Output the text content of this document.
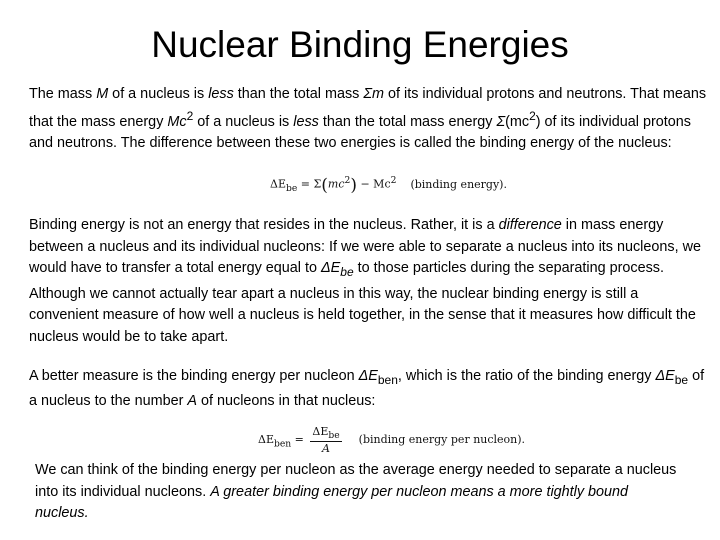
Nuclear Binding Energies
The mass M of a nucleus is less than the total mass Σm of its individual protons and neutrons. That means that the mass energy Mc$^2$ of a nucleus is less than the total mass energy $\Sigma(mc^2)$ of its individual protons and neutrons. The difference between these two energies is called the binding energy of the nucleus:
$\Delta E_{be} = \Sigma(mc^2) - Mc^2$ (binding energy).
Binding energy is not an energy that resides in the nucleus. Rather, it is a difference in mass energy between a nucleus and its individual nucleons: If we were able to separate a nucleus into its nucleons, we would have to transfer a total energy equal to $\Delta E_{be}$ to those particles during the separating process. Although we cannot actually tear apart a nucleus in this way, the nuclear binding energy is still a convenient measure of how well a nucleus is held together, in the sense that it measures how difficult the nucleus would be to take apart.
A better measure is the binding energy per nucleon $\Delta E_{ben}$, which is the ratio of the binding energy $\Delta E_{be}$ of a nucleus to the number A of nucleons in that nucleus:
$\Delta E_{ben} = \frac{\Delta E_{be}}{A}$ (binding energy per nucleon).
We can think of the binding energy per nucleon as the average energy needed to separate a nucleus into its individual nucleons. A greater binding energy per nucleon means a more tightly bound nucleus.
